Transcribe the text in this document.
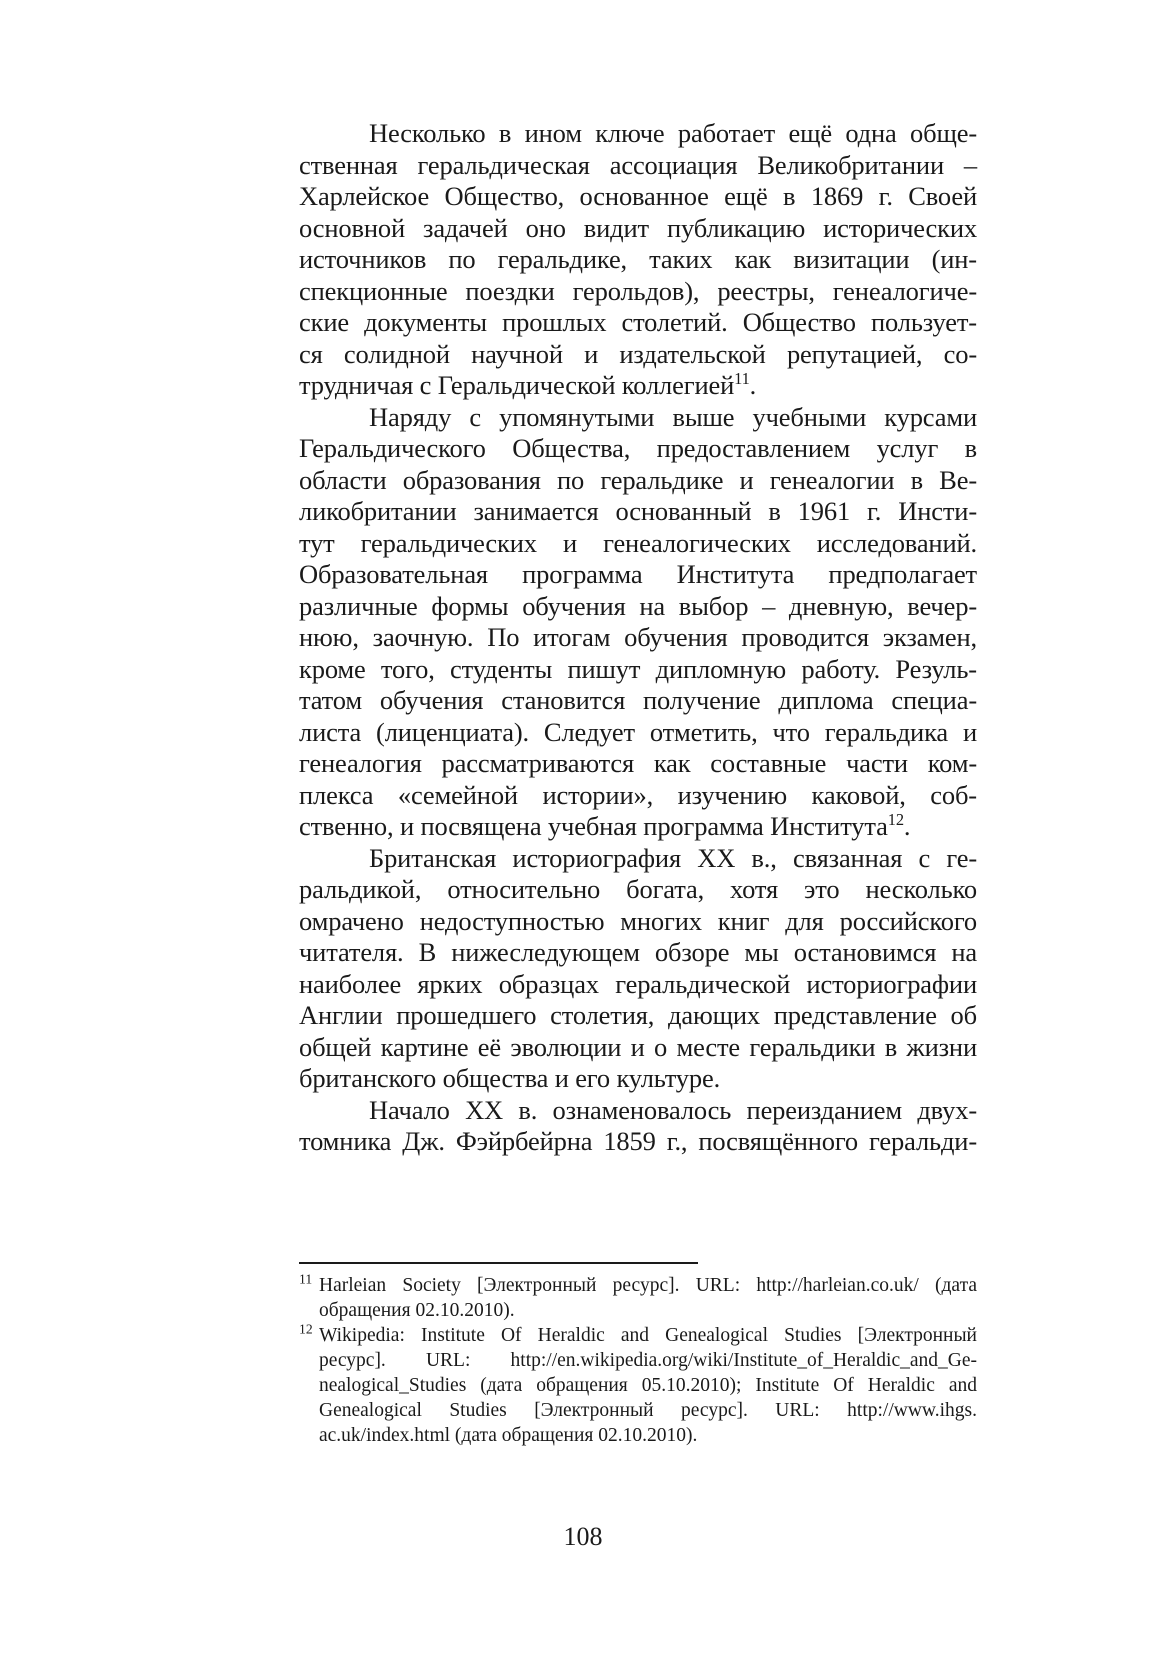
Несколько в ином ключе работает ещё одна обще-
ственная геральдическая ассоциация Великобритании –
Харлейское Общество, основанное ещё в 1869 г. Своей
основной задачей оно видит публикацию исторических
источников по геральдике, таких как визитации (ин-
спекционные поездки герольдов), реестры, генеалогиче-
ские документы прошлых столетий. Общество пользует-
ся солидной научной и издательской репутацией, со-
трудничая с Геральдической коллегией$^{11}$.
Наряду с упомянутыми выше учебными курсами
Геральдического Общества, предоставлением услуг в
области образования по геральдике и генеалогии в Ве-
ликобритании занимается основанный в 1961 г. Инсти-
тут геральдических и генеалогических исследований.
Образовательная программа Института предполагает
различные формы обучения на выбор – дневную, вечер-
нюю, заочную. По итогам обучения проводится экзамен,
кроме того, студенты пишут дипломную работу. Резуль-
татом обучения становится получение диплома специа-
листа (лиценциата). Следует отметить, что геральдика и
генеалогия рассматриваются как составные части ком-
плекса «семейной истории», изучению каковой, соб-
ственно, и посвящена учебная программа Института$^{12}$.
Британская историография XX в., связанная с ге-
ральдикой, относительно богата, хотя это несколько
омрачено недоступностью многих книг для российского
читателя. В нижеследующем обзоре мы остановимся на
наиболее ярких образцах геральдической историографии
Англии прошедшего столетия, дающих представление об
общей картине её эволюции и о месте геральдики в жизни
британского общества и его культуре.
Начало XX в. ознаменовалось переизданием двух-
томника Дж. Фэйрбейрна 1859 г., посвящённого геральди-
$^{11}$ Harleian Society [Электронный ресурс]. URL: http://harleian.co.uk/ (дата
обращения 02.10.2010).
$^{12}$ Wikipedia: Institute Of Heraldic and Genealogical Studies [Электронный
ресурс]. URL: http://en.wikipedia.org/wiki/Institute_of_Heraldic_and_Ge-
nealogical_Studies (дата обращения 05.10.2010); Institute Of Heraldic and
Genealogical Studies [Электронный ресурс]. URL: http://www.ihgs.
ac.uk/index.html (дата обращения 02.10.2010).
108
